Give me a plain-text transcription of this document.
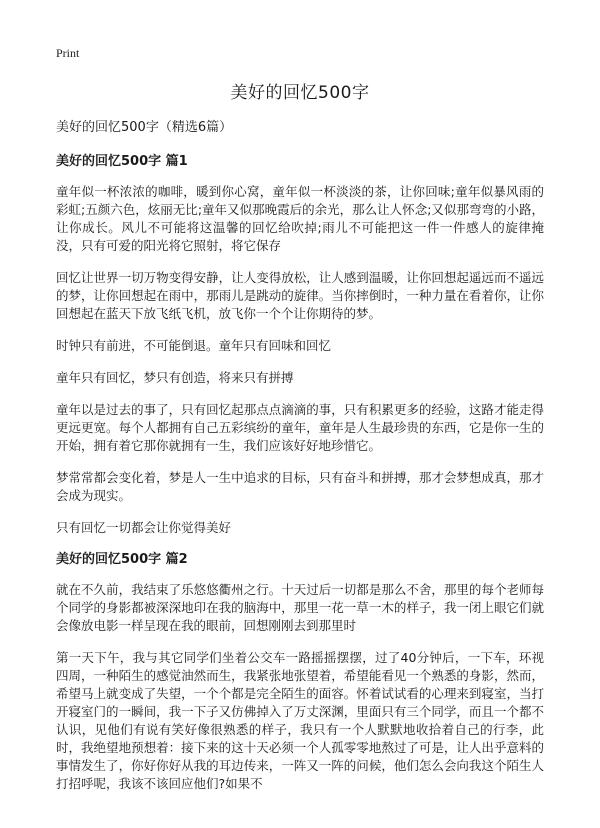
Print
美好的回忆500字

美好的回忆500字（精选6篇）

美好的回忆500字 篇1

童年似一杯浓浓的咖啡，暖到你心窝，童年似一杯淡淡的茶，让你回味;童年似暴风雨的彩虹;五颜六色，炫丽无比;童年又似那晚霞后的余光，那么让人怀念;又似那弯弯的小路，让你成长。风儿不可能将这温馨的回忆给吹掉;雨儿不可能把这一件一件感人的旋律掩没，只有可爱的阳光将它照射，将它保存

回忆让世界一切万物变得安静，让人变得放松，让人感到温暖，让你回想起遥远而不遥远的梦，让你回想起在雨中，那雨儿是跳动的旋律。当你摔倒时，一种力量在看着你，让你回想起在蓝天下放飞纸飞机，放飞你一个个让你期待的梦。

时钟只有前进，不可能倒退。童年只有回味和回忆

童年只有回忆，梦只有创造，将来只有拼搏

童年以是过去的事了，只有回忆起那点点滴滴的事，只有积累更多的经验，这路才能走得更远更宽。每个人都拥有自己五彩缤纷的童年，童年是人生最珍贵的东西，它是你一生的开始，拥有着它那你就拥有一生，我们应该好好地珍惜它。

梦常常都会变化着，梦是人一生中追求的目标，只有奋斗和拼搏，那才会梦想成真，那才会成为现实。

只有回忆一切都会让你觉得美好

美好的回忆500字 篇2

就在不久前，我结束了乐悠悠衢州之行。十天过后一切都是那么不舍，那里的每个老师每个同学的身影都被深深地印在我的脑海中，那里一花一草一木的样子，我一闭上眼它们就会像放电影一样呈现在我的眼前，回想刚刚去到那里时

第一天下午，我与其它同学们坐着公交车一路摇摇摆摆，过了40分钟后，一下车，环视四周，一种陌生的感觉油然而生，我紧张地张望着，希望能看见一个熟悉的身影，然而，希望马上就变成了失望，一个个都是完全陌生的面容。怀着试试看的心理来到寝室，当打开寝室门的一瞬间，我一下子又仿佛掉入了万丈深渊，里面只有三个同学，而且一个都不认识，见他们有说有笑好像很熟悉的样子，我只有一个人默默地收拾着自己的行李，此时，我绝望地预想着：接下来的这十天必须一个人孤零零地熬过了可是，让人出乎意料的事情发生了，你好你好从我的耳边传来，一阵又一阵的问候，他们怎么会向我这个陌生人打招呼呢，我该不该回应他们?如果不
